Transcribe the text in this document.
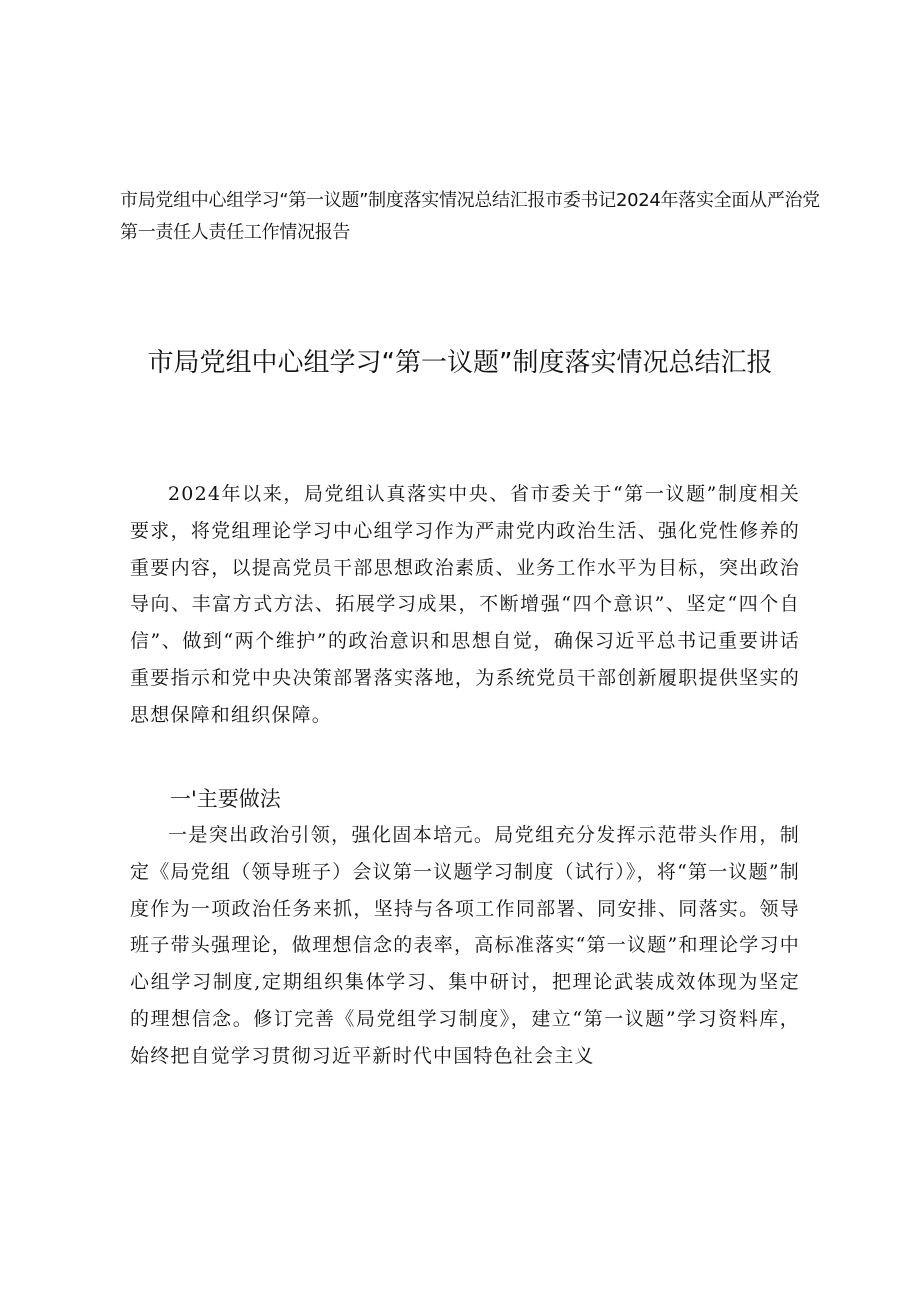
市局党组中心组学习“第一议题”制度落实情况总结汇报市委书记2024年落实全面从严治党第一责任人责任工作情况报告
市局党组中心组学习“第一议题”制度落实情况总结汇报

2024年以来，局党组认真落实中央、省市委关于“第一议题”制度相关要求，将党组理论学习中心组学习作为严肃党内政治生活、强化党性修养的重要内容，以提高党员干部思想政治素质、业务工作水平为目标，突出政治导向、丰富方式方法、拓展学习成果，不断增强“四个意识”、坚定“四个自信”、做到“两个维护”的政治意识和思想自觉，确保习近平总书记重要讲话重要指示和党中央决策部署落实落地，为系统党员干部创新履职提供坚实的思想保障和组织保障。

一'主要做法

一是突出政治引领，强化固本培元。局党组充分发挥示范带头作用，制定《局党组（领导班子）会议第一议题学习制度（试行）》，将“第一议题”制度作为一项政治任务来抓，坚持与各项工作同部署、同安排、同落实。领导班子带头强理论，做理想信念的表率，高标准落实“第一议题”和理论学习中心组学习制度,定期组织集体学习、集中研讨，把理论武装成效体现为坚定的理想信念。修订完善《局党组学习制度》，建立“第一议题”学习资料库，始终把自觉学习贯彻习近平新时代中国特色社会主义
